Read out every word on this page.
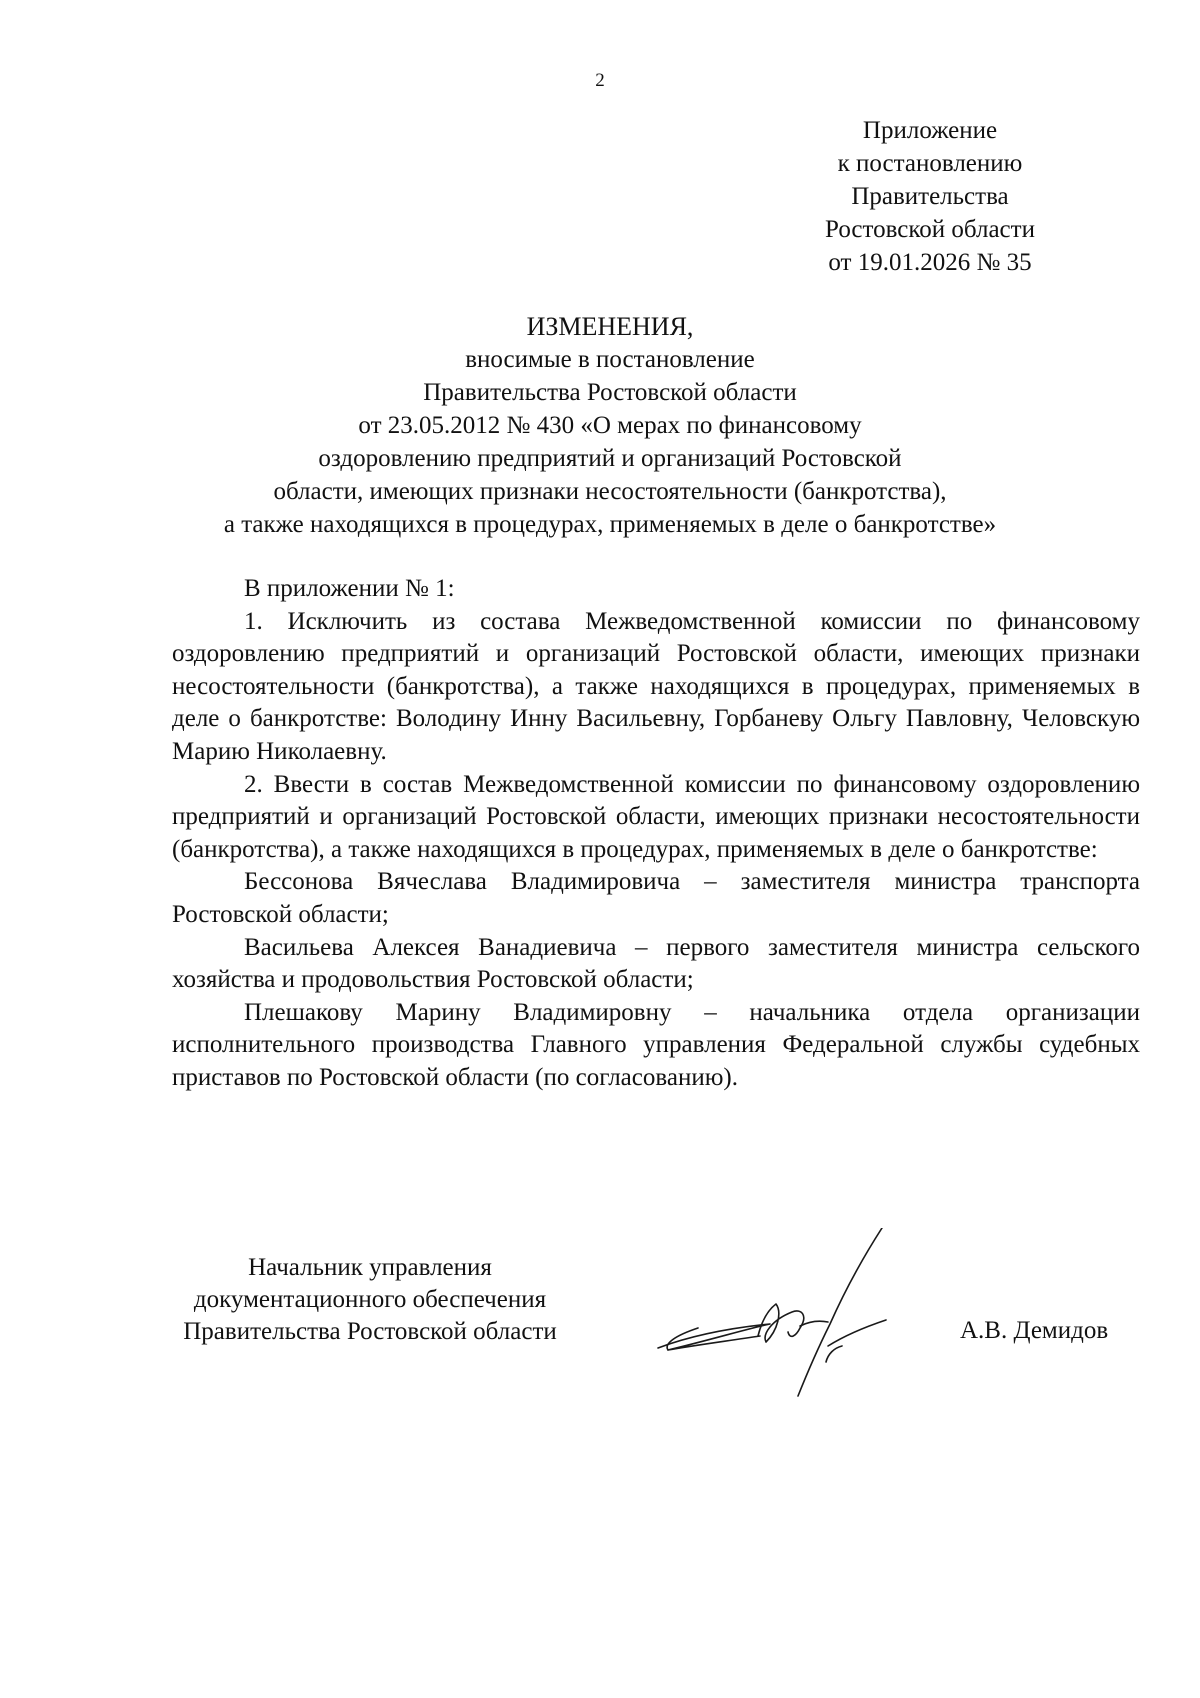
2
Приложение
к постановлению
Правительства
Ростовской области
от 19.01.2026 № 35
ИЗМЕНЕНИЯ,
вносимые в постановление
Правительства Ростовской области
от 23.05.2012 № 430 «О мерах по финансовому
оздоровлению предприятий и организаций Ростовской
области, имеющих признаки несостоятельности (банкротства),
а также находящихся в процедурах, применяемых в деле о банкротстве»

В приложении № 1:

1. Исключить из состава Межведомственной комиссии по финансовому оздоровлению предприятий и организаций Ростовской области, имеющих признаки несостоятельности (банкротства), а также находящихся в процедурах, применяемых в деле о банкротстве: Володину Инну Васильевну, Горбаневу Ольгу Павловну, Человскую Марию Николаевну.

2. Ввести в состав Межведомственной комиссии по финансовому оздоровлению предприятий и организаций Ростовской области, имеющих признаки несостоятельности (банкротства), а также находящихся в процедурах, применяемых в деле о банкротстве:

Бессонова Вячеслава Владимировича – заместителя министра транспорта Ростовской области;

Васильева Алексея Ванадиевича – первого заместителя министра сельского хозяйства и продовольствия Ростовской области;

Плешакову Марину Владимировну – начальника отдела организации исполнительного производства Главного управления Федеральной службы судебных приставов по Ростовской области (по согласованию).

Начальник управления
документационного обеспечения
Правительства Ростовской области	А.В. Демидов
